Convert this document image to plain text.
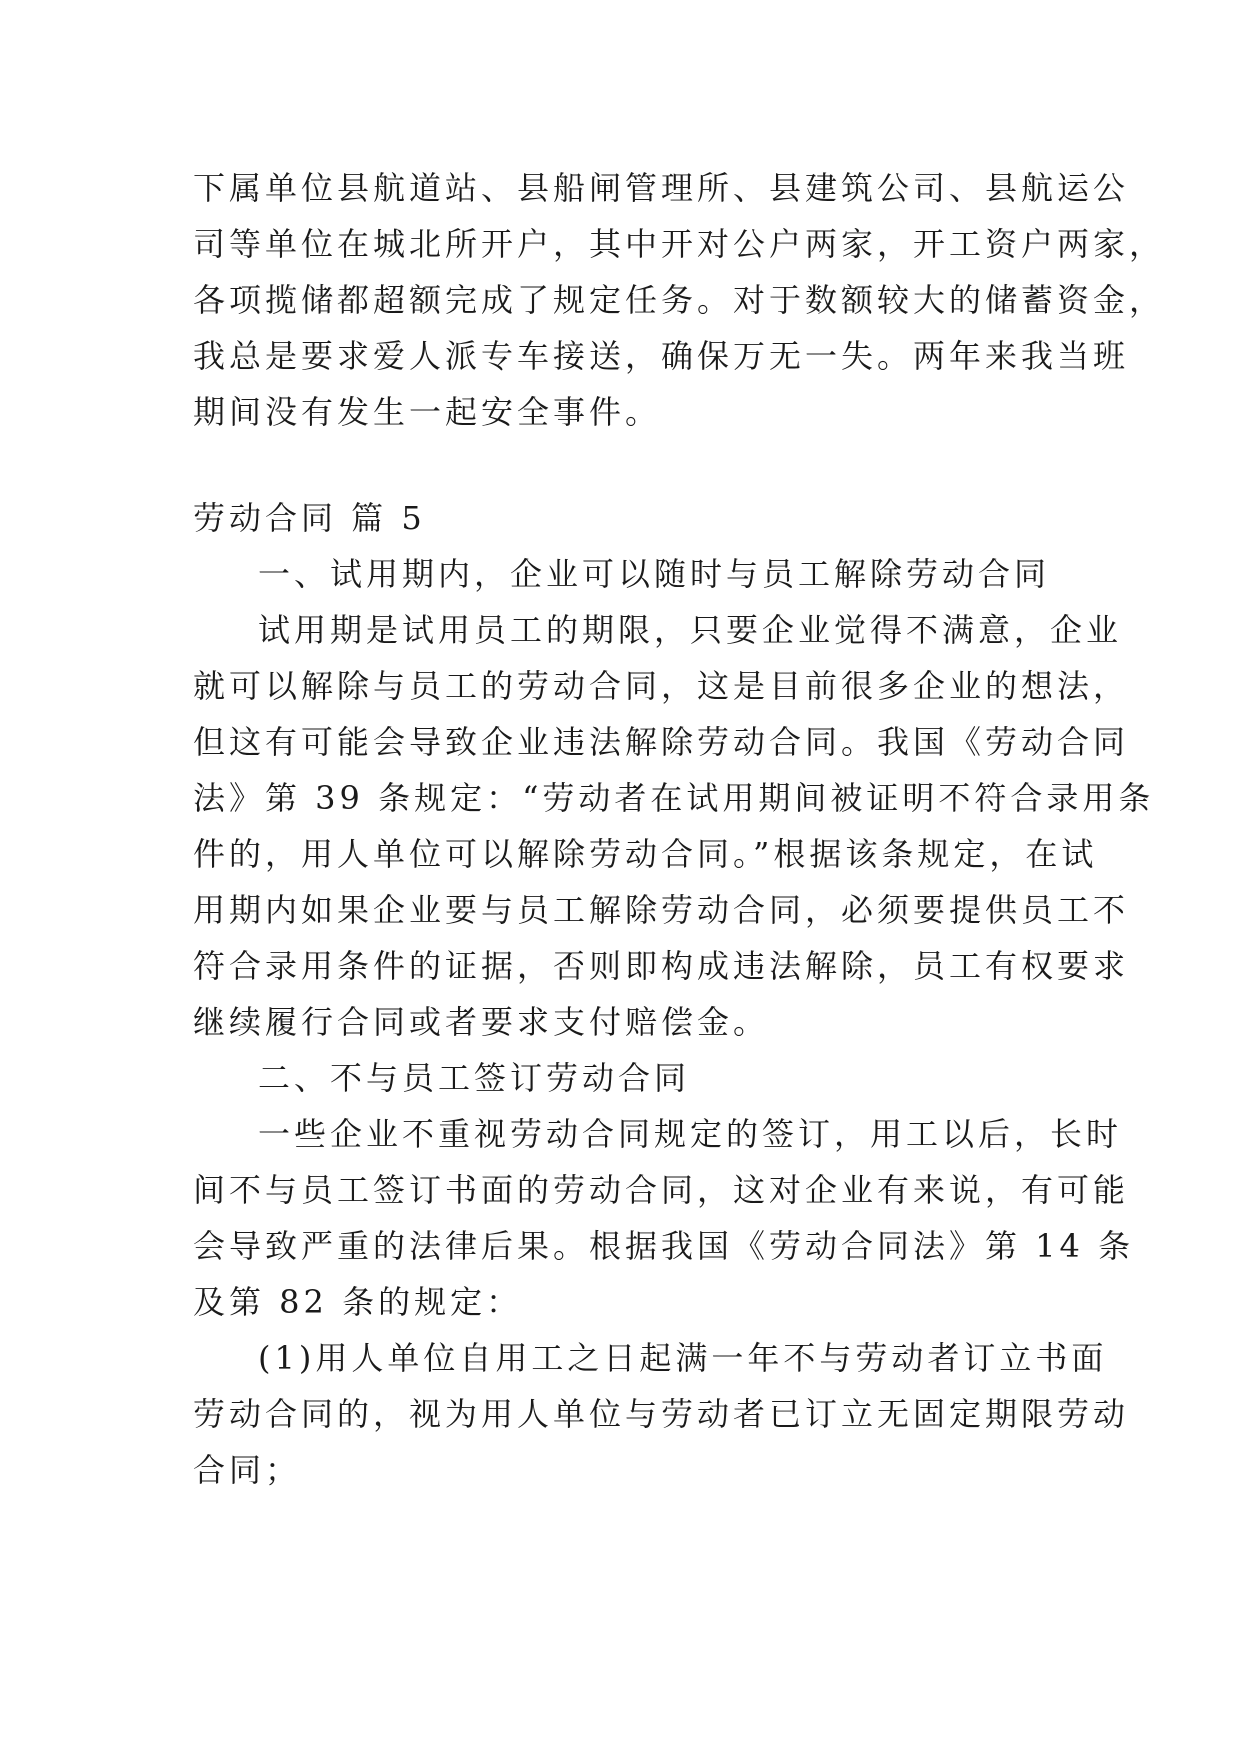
下属单位县航道站、县船闸管理所、县建筑公司、县航运公
司等单位在城北所开户，其中开对公户两家，开工资户两家，
各项揽储都超额完成了规定任务。对于数额较大的储蓄资金，
我总是要求爱人派专车接送，确保万无一失。两年来我当班
期间没有发生一起安全事件。
劳动合同 篇 5
一、试用期内，企业可以随时与员工解除劳动合同
试用期是试用员工的期限，只要企业觉得不满意，企业
就可以解除与员工的劳动合同，这是目前很多企业的想法，
但这有可能会导致企业违法解除劳动合同。我国《劳动合同
法》第 39 条规定：“劳动者在试用期间被证明不符合录用条
件的，用人单位可以解除劳动合同。”根据该条规定，在试
用期内如果企业要与员工解除劳动合同，必须要提供员工不
符合录用条件的证据，否则即构成违法解除，员工有权要求
继续履行合同或者要求支付赔偿金。
二、不与员工签订劳动合同
一些企业不重视劳动合同规定的签订，用工以后，长时
间不与员工签订书面的劳动合同，这对企业有来说，有可能
会导致严重的法律后果。根据我国《劳动合同法》第 14 条
及第 82 条的规定：
(1)用人单位自用工之日起满一年不与劳动者订立书面
劳动合同的，视为用人单位与劳动者已订立无固定期限劳动
合同；
